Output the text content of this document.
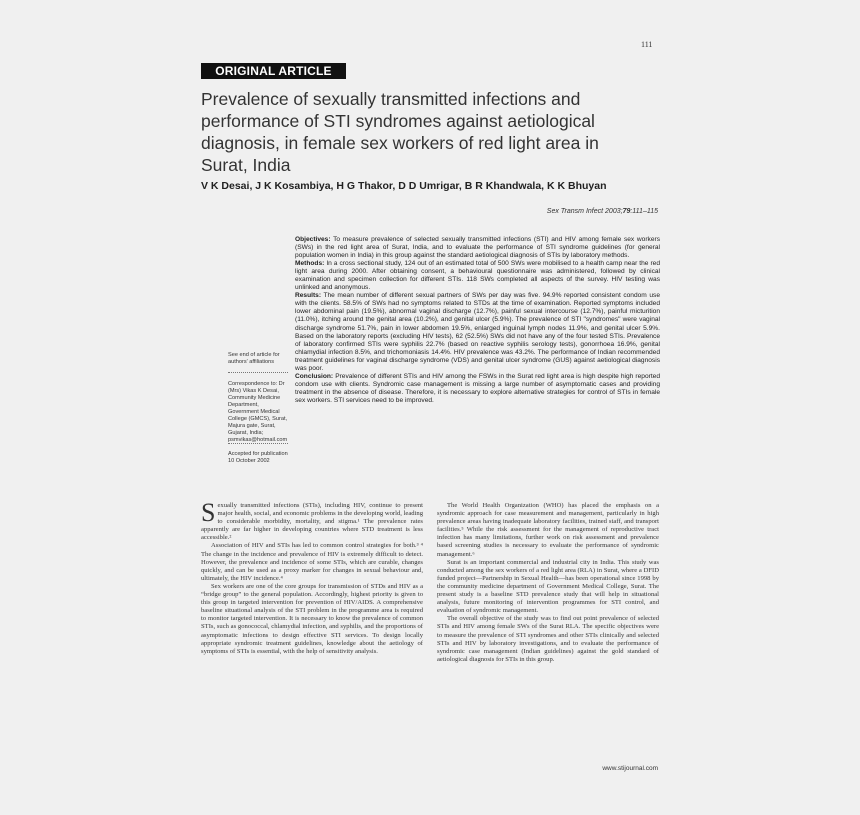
111
ORIGINAL ARTICLE
Prevalence of sexually transmitted infections and performance of STI syndromes against aetiological diagnosis, in female sex workers of red light area in Surat, India
V K Desai, J K Kosambiya, H G Thakor, D D Umrigar, B R Khandwala, K K Bhuyan
Sex Transm Infect 2003;79:111–115

Objectives: To measure prevalence of selected sexually transmitted infections (STI) and HIV among female sex workers (SWs) in the red light area of Surat, India, and to evaluate the performance of STI syndrome guidelines (for general population women in India) in this group against the standard aetiological diagnosis of STIs by laboratory methods.

Methods: In a cross sectional study, 124 out of an estimated total of 500 SWs were mobilised to a health camp near the red light area during 2000. After obtaining consent, a behavioural questionnaire was administered, followed by clinical examination and specimen collection for different STIs. 118 SWs completed all aspects of the survey. HIV testing was unlinked and anonymous.

Results: The mean number of different sexual partners of SWs per day was five. 94.9% reported consistent condom use with the clients. 58.5% of SWs had no symptoms related to STDs at the time of examination. Reported symptoms included lower abdominal pain (19.5%), abnormal vaginal discharge (12.7%), painful sexual intercourse (12.7%), painful micturition (11.0%), itching around the genital area (10.2%), and genital ulcer (5.9%). The prevalence of STI "syndromes" were vaginal discharge syndrome 51.7%, pain in lower abdomen 19.5%, enlarged inguinal lymph nodes 11.9%, and genital ulcer 5.9%. Based on the laboratory reports (excluding HIV tests), 62 (52.5%) SWs did not have any of the four tested STIs. Prevalence of laboratory confirmed STIs were syphilis 22.7% (based on reactive syphilis serology tests), gonorrhoea 16.9%, genital chlamydial infection 8.5%, and trichomoniasis 14.4%. HIV prevalence was 43.2%. The performance of Indian recommended treatment guidelines for vaginal discharge syndrome (VDS) and genital ulcer syndrome (GUS) against aetiological diagnosis was poor.

Conclusion: Prevalence of different STIs and HIV among the FSWs in the Surat red light area is high despite high reported condom use with clients. Syndromic case management is missing a large number of asymptomatic cases and providing treatment in the absence of disease. Therefore, it is necessary to explore alternative strategies for control of STIs in female sex workers. STI services need to be improved.

See end of article for authors' affiliations
Correspondence to: Dr (Mrs) Vikas K Desai, Community Medicine Department, Government Medical College (GMCS), Surat, Majura gate, Surat, Gujarat, India; psmvikas@hotmail.com
Accepted for publication 10 October 2002

Sexually transmitted infections (STIs), including HIV, continue to present major health, social, and economic problems in the developing world, leading to considerable morbidity, mortality, and stigma.¹ The prevalence rates apparently are far higher in developing countries where STD treatment is less accessible.²

Association of HIV and STIs has led to common control strategies for both.³ ⁴ The change in the incidence and prevalence of HIV is extremely difficult to detect. However, the prevalence and incidence of some STIs, which are curable, changes quickly, and can be used as a proxy marker for changes in sexual behaviour and, ultimately, the HIV incidence.⁴

Sex workers are one of the core groups for transmission of STDs and HIV as a “bridge group” to the general population. Accordingly, highest priority is given to this group in targeted intervention for prevention of HIV/AIDS. A comprehensive baseline situational analysis of the STI problem in the programme area is required to monitor targeted intervention. It is necessary to know the prevalence of common STIs, such as gonococcal, chlamydial infection, and syphilis, and the proportions of asymptomatic infections to design effective STI services. To design locally appropriate syndromic treatment guidelines, knowledge about the aetiology of symptoms of STIs is essential, with the help of sensitivity analysis.

The World Health Organization (WHO) has placed the emphasis on a syndromic approach for case measurement and management, particularly in high prevalence areas having inadequate laboratory facilities, trained staff, and transport facilities.⁵ While the risk assessment for the management of reproductive tract infection has many limitations, further work on risk assessment and prevalence based screening studies is necessary to evaluate the performance of syndromic management.⁶

Surat is an important commercial and industrial city in India. This study was conducted among the sex workers of a red light area (RLA) in Surat, where a DFID funded project—Partnership in Sexual Health—has been operational since 1998 by the community medicine department of Government Medical College, Surat. The present study is a baseline STD prevalence study that will help in situational analysis, future monitoring of intervention programmes for STI control, and evaluation of syndromic management.

The overall objective of the study was to find out point prevalence of selected STIs and HIV among female SWs of the Surat RLA. The specific objectives were to measure the prevalence of STI syndromes and other STIs clinically and selected STIs and HIV by laboratory investigations, and to evaluate the performance of syndromic case management (Indian guidelines) against the gold standard of aetiological diagnosis for STIs in this group.

www.stijournal.com
